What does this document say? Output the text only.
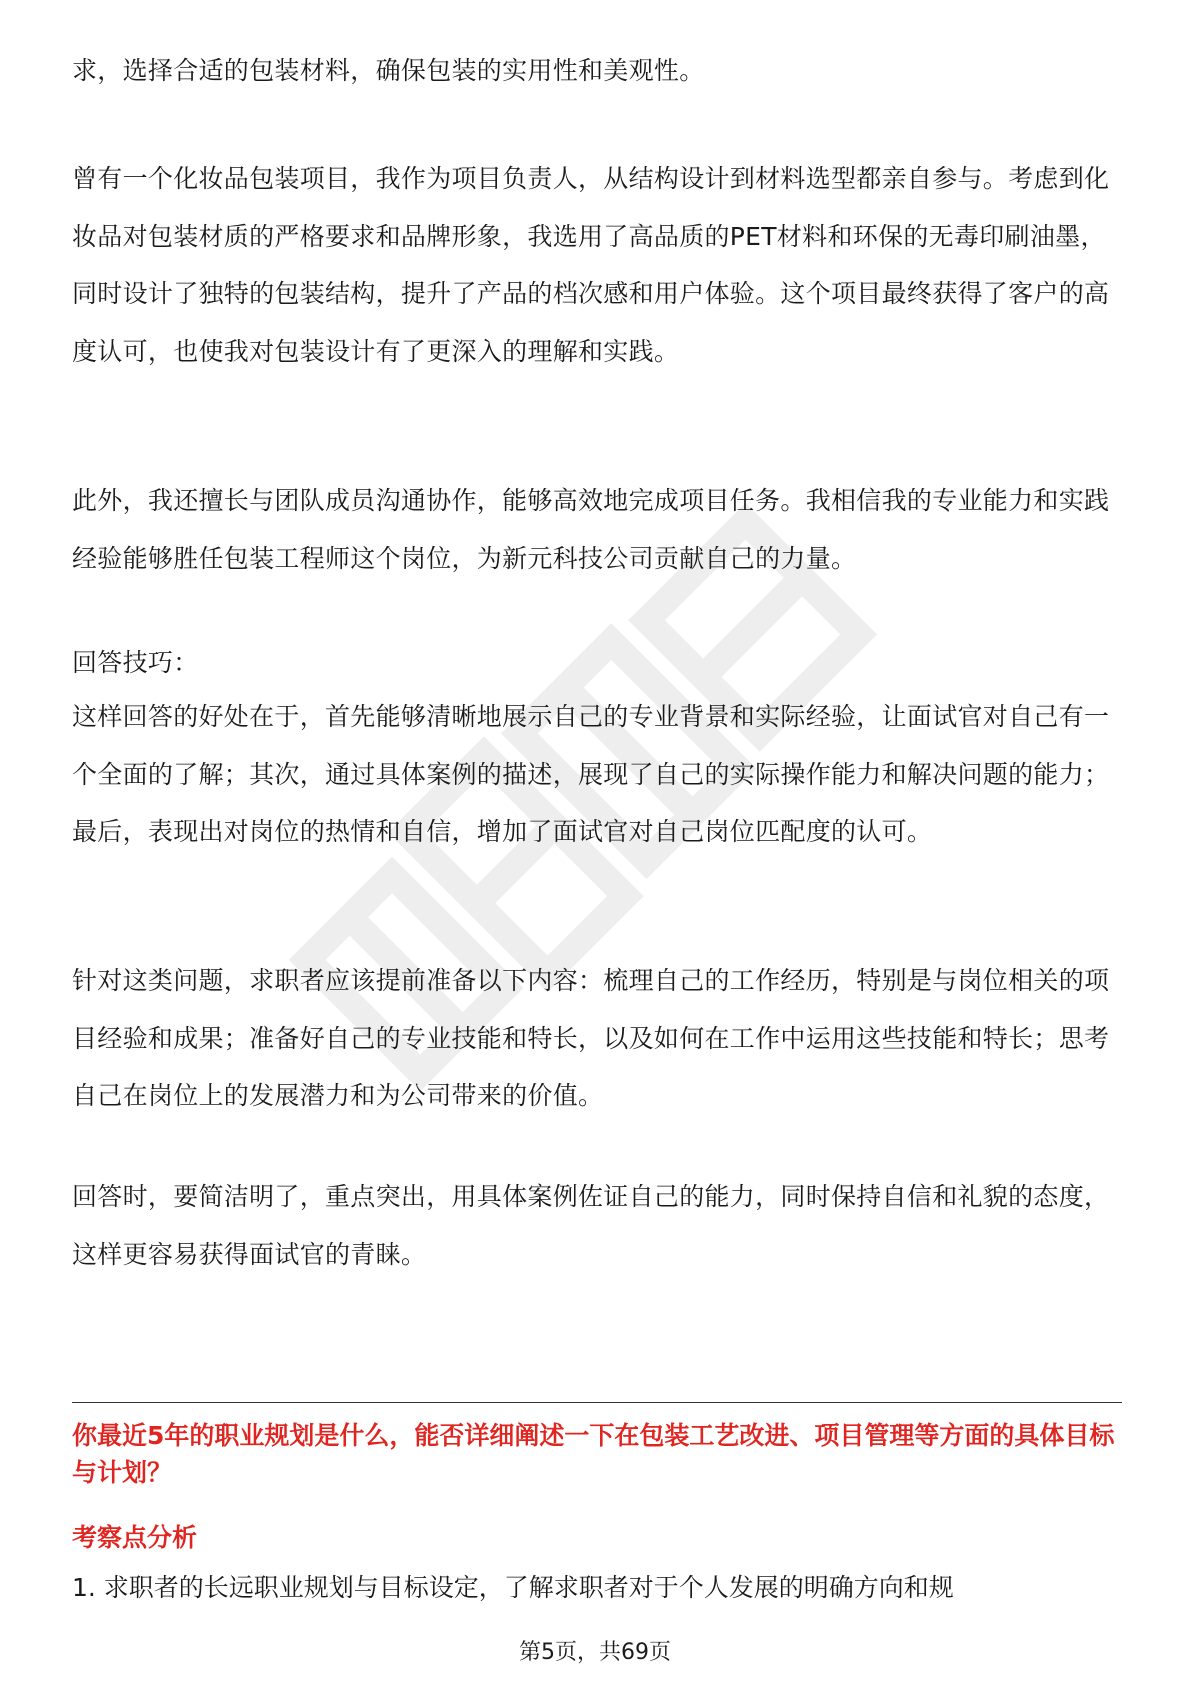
求，选择合适的包装材料，确保包装的实用性和美观性。

曾有一个化妆品包装项目，我作为项目负责人，从结构设计到材料选型都亲自参与。考虑到化妆品对包装材质的严格要求和品牌形象，我选用了高品质的PET材料和环保的无毒印刷油墨，同时设计了独特的包装结构，提升了产品的档次感和用户体验。这个项目最终获得了客户的高度认可，也使我对包装设计有了更深入的理解和实践。

此外，我还擅长与团队成员沟通协作，能够高效地完成项目任务。我相信我的专业能力和实践经验能够胜任包装工程师这个岗位，为新元科技公司贡献自己的力量。

回答技巧：

这样回答的好处在于，首先能够清晰地展示自己的专业背景和实际经验，让面试官对自己有一个全面的了解；其次，通过具体案例的描述，展现了自己的实际操作能力和解决问题的能力；最后，表现出对岗位的热情和自信，增加了面试官对自己岗位匹配度的认可。

针对这类问题，求职者应该提前准备以下内容：梳理自己的工作经历，特别是与岗位相关的项目经验和成果；准备好自己的专业技能和特长，以及如何在工作中运用这些技能和特长；思考自己在岗位上的发展潜力和为公司带来的价值。

回答时，要简洁明了，重点突出，用具体案例佐证自己的能力，同时保持自信和礼貌的态度，这样更容易获得面试官的青睐。

你最近5年的职业规划是什么，能否详细阐述一下在包装工艺改进、项目管理等方面的具体目标与计划？

考察点分析

1. 求职者的长远职业规划与目标设定，了解求职者对于个人发展的明确方向和规

第5页，共69页
